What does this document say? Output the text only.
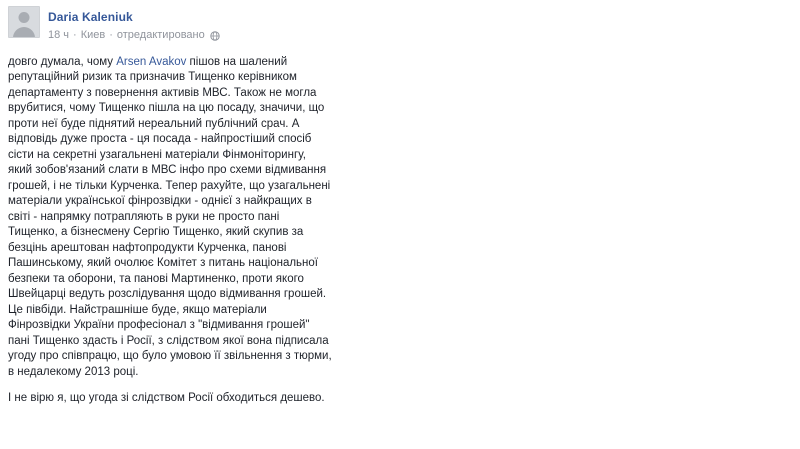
Daria Kaleniuk
18 ч · Киев · отредактировано

довго думала, чому Arsen Avakov пішов на шалений репутаційний ризик та призначив Тищенко керівником департаменту з повернення активів МВС. Також не могла врубитися, чому Тищенко пішла на цю посаду, значичи, що проти неї буде піднятий нереальний публічний срач. А відповідь дуже проста - ця посада - найпростіший спосіб сісти на секретні узагальнені матеріали Фінмоніторингу, який зобов'язаний слати в МВС інфо про схеми відмивання грошей, і не тільки Курченка. Тепер рахуйте, що узагальнені матеріали української фінрозвідки - однієї з найкращих в світі - напрямку потрапляють в руки не просто пані Тищенко, а бізнесмену Сергію Тищенко, який скупив за безцінь арештован нафтопродукти Курченка, панові Пашинському, який очолює Комітет з питань національної безпеки та оборони, та панові Мартиненко, проти якого Швейцарці ведуть розслідування щодо відмивання грошей. Це півбіди. Найстрашніше буде, якщо матеріали Фінрозвідки України професіонал з "відмивання грошей" пані Тищенко здасть і Росії, з слідством якої вона підписала угоду про співпрацю, що було умовою її звільнення з тюрми, в недалекому 2013 році.

І не вірю я, що угода зі слідством Росії обходиться дешево.
